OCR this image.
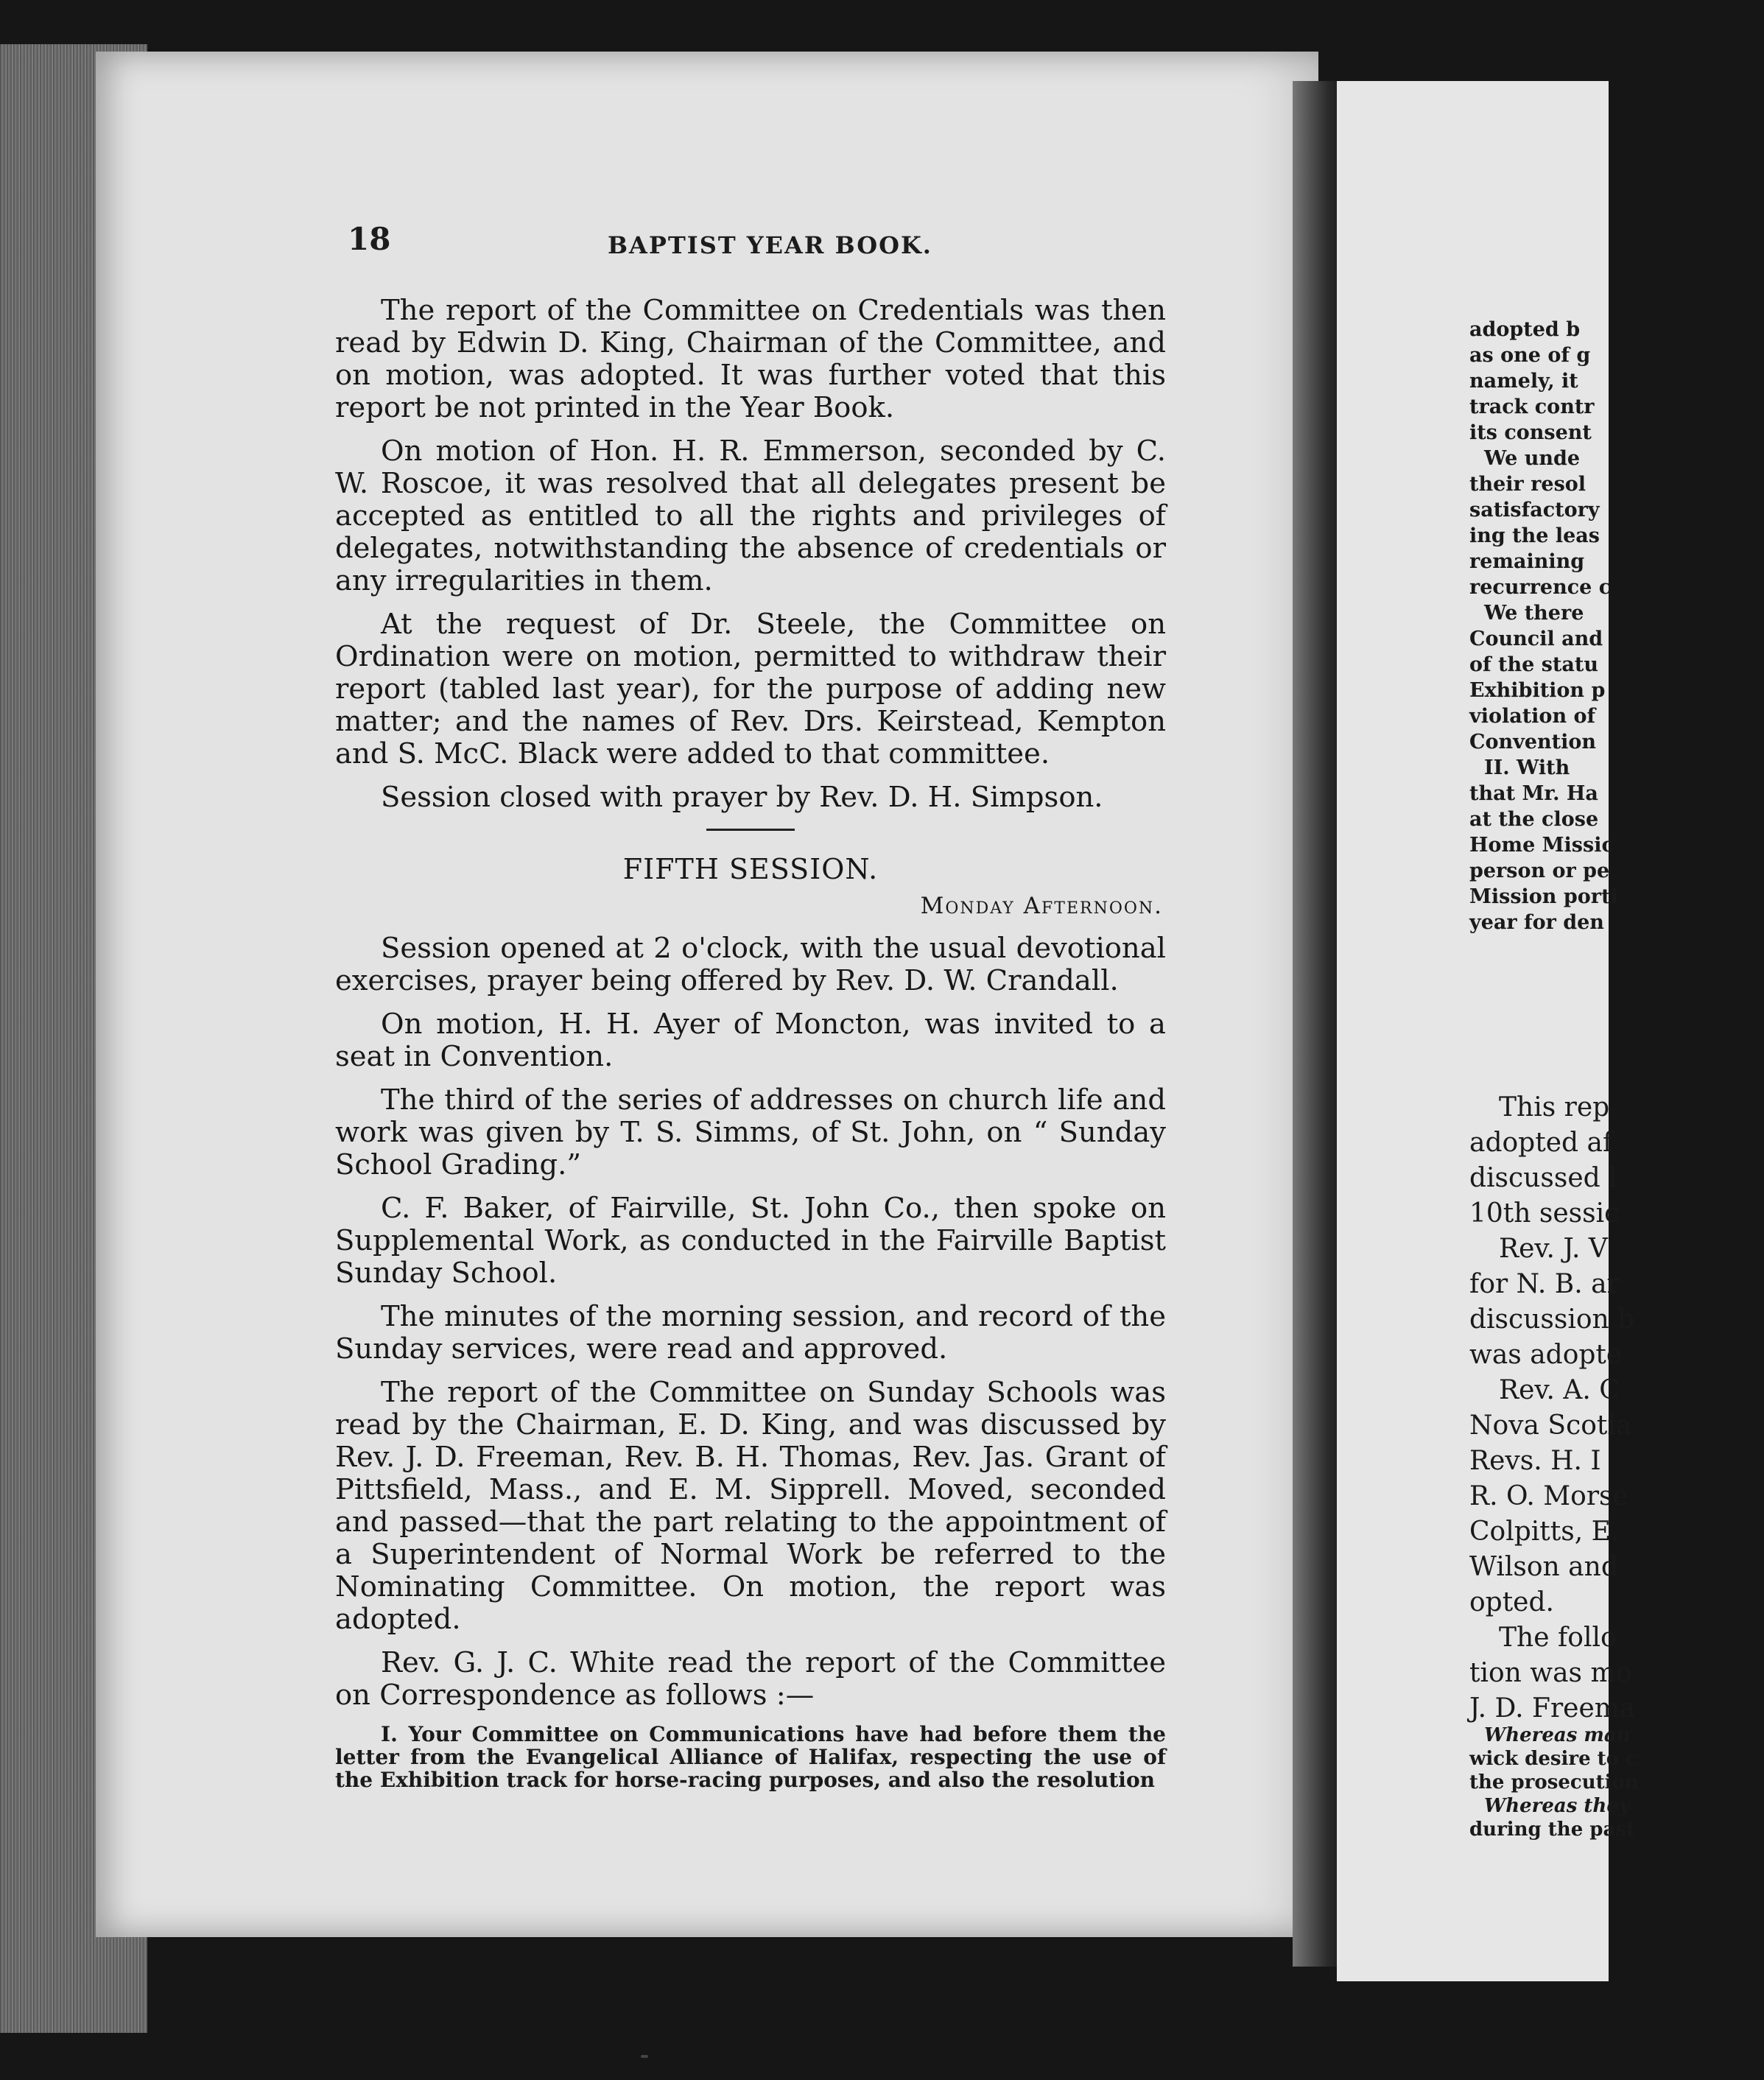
18	BAPTIST YEAR BOOK.

The report of the Committee on Credentials was then read by Edwin D. King, Chairman of the Committee, and on motion, was adopted. It was further voted that this report be not printed in the Year Book.

On motion of Hon. H. R. Emmerson, seconded by C. W. Roscoe, it was resolved that all delegates present be accepted as entitled to all the rights and privileges of delegates, notwithstanding the absence of credentials or any irregularities in them.

At the request of Dr. Steele, the Committee on Ordination were on motion, permitted to withdraw their report (tabled last year), for the purpose of adding new matter; and the names of Rev. Drs. Keirstead, Kempton and S. McC. Black were added to that committee.

Session closed with prayer by Rev. D. H. Simpson.

FIFTH SESSION.
Monday Afternoon.

Session opened at 2 o'clock, with the usual devotional exercises, prayer being offered by Rev. D. W. Crandall.

On motion, H. H. Ayer of Moncton, was invited to a seat in Convention.

The third of the series of addresses on church life and work was given by T. S. Simms, of St. John, on “ Sunday School Grading.”

C. F. Baker, of Fairville, St. John Co., then spoke on Supplemental Work, as conducted in the Fairville Baptist Sunday School.

The minutes of the morning session, and record of the Sunday services, were read and approved.

The report of the Committee on Sunday Schools was read by the Chairman, E. D. King, and was discussed by Rev. J. D. Freeman, Rev. B. H. Thomas, Rev. Jas. Grant of Pittsfield, Mass., and E. M. Sipprell. Moved, seconded and passed—that the part relating to the appointment of a Superintendent of Normal Work be referred to the Nominating Committee. On motion, the report was adopted.

Rev. G. J. C. White read the report of the Committee on Correspondence as follows :—

I. Your Committee on Communications have had before them the letter from the Evangelical Alliance of Halifax, respecting the use of the Exhibition track for horse-racing purposes, and also the resolution

adopted b
as one of g
namely, it
track contr
its consent
We unde
their resol
satisfactory
ing the leas
remaining
recurrence c
We there
Council and
of the statu
Exhibition p
violation of
Convention
II. With
that Mr. Ha
at the close
Home Missic
person or pe
Mission porti
year for den
This rep
adopted af
discussed l
10th sessic
Rev. J. V
for N. B. ar
discussion b
was adopte
Rev. A. C
Nova Scotia
Revs. H. I
R. O. Morse
Colpitts, E.
Wilson and
opted.
The follo
tion was mo
J. D. Freema
Whereas man
wick desire to c
the prosecution
Whereas they
during the past
